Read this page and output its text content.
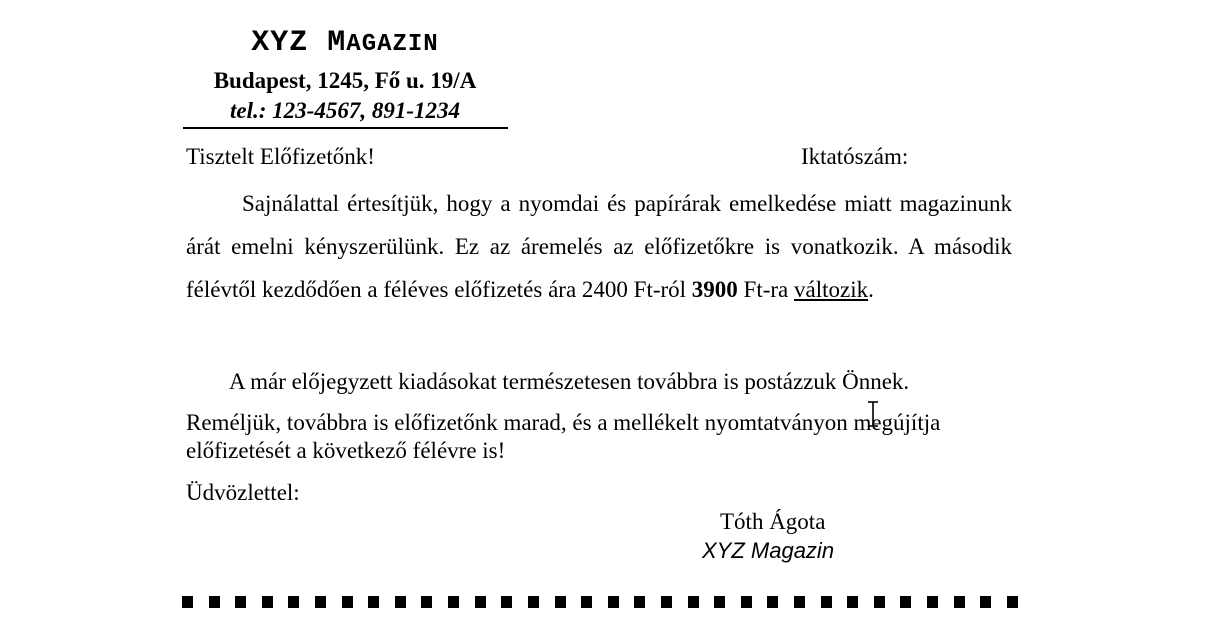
XYZ MAGAZIN
Budapest, 1245, Fő u. 19/A
tel.: 123-4567, 891-1234
Tisztelt Előfizetőnk!	Iktatószám:
Sajnálattal értesítjük, hogy a nyomdai és papírárak emelkedése miatt magazinunk árát emelni kényszerülünk. Ez az áremelés az előfizetőkre is vonatkozik. A második félévtől kezdődően a féléves előfizetés ára 2400 Ft-ról 3900 Ft-ra változik.
A már előjegyzett kiadásokat természetesen továbbra is postázzuk Önnek.
Reméljük, továbbra is előfizetőnk marad, és a mellékelt nyomtatványon megújítja előfizetését a következő félévre is!
Üdvözlettel:
Tóth Ágota
XYZ Magazin
